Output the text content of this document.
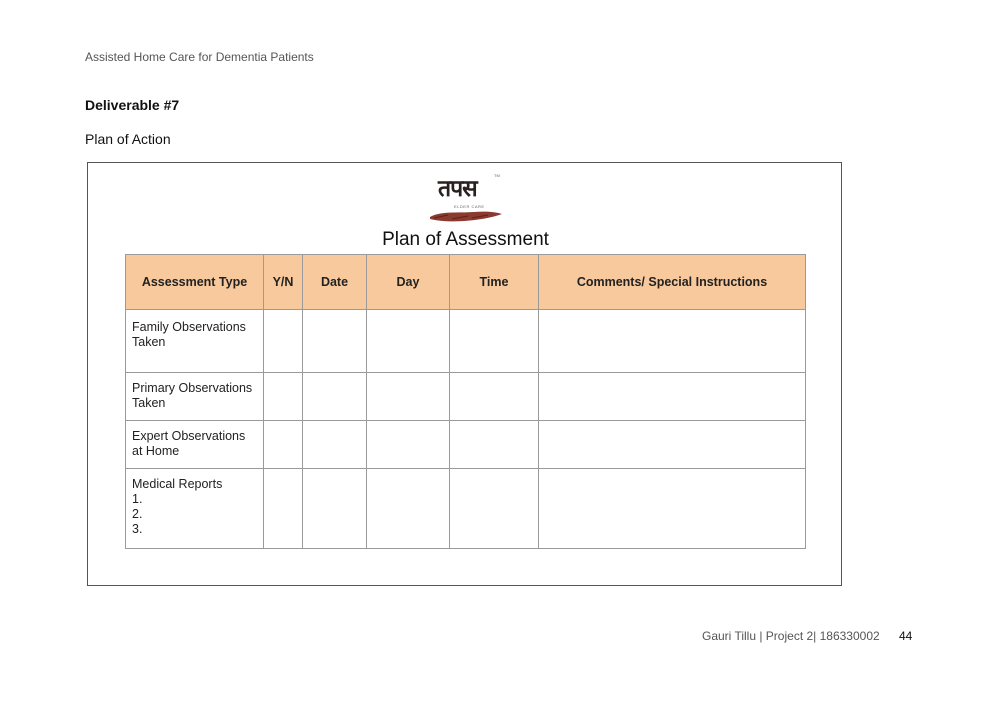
Assisted Home Care for Dementia Patients
Deliverable #7
Plan of Action
तपस
TM
ELDER CARE
Plan of Assessment
Assessment Type	Y/N	Date	Day	Time	Comments/ Special Instructions

Family Observations
Taken					

Primary Observations
Taken					

Expert Observations
at Home					

Medical Reports
1.
2.
3.					

Gauri Tillu | Project 2| 186330002 44
